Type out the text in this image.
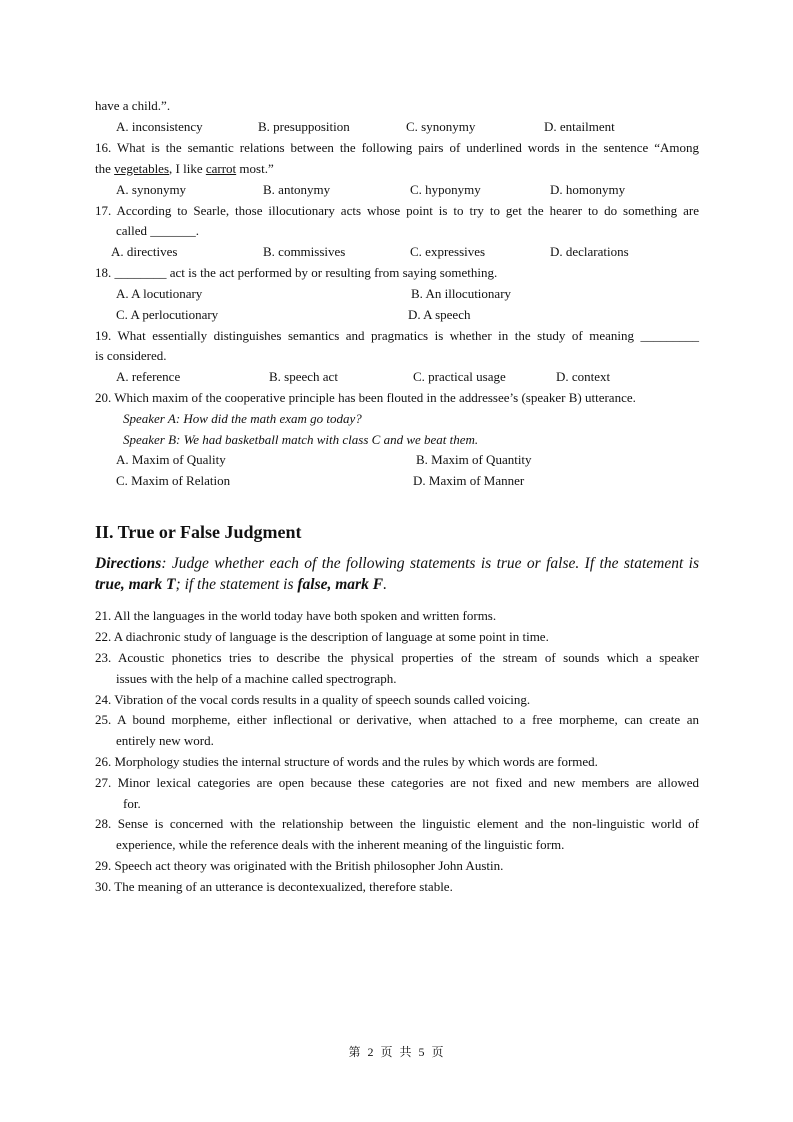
have a child.”.
A. inconsistency	B. presupposition	C. synonymy	D. entailment
16. What is the semantic relations between the following pairs of underlined words in the sentence “Among
the vegetables, I like carrot most.”
A. synonymy	B. antonymy	C. hyponymy	D. homonymy
17. According to Searle, those illocutionary acts whose point is to try to get the hearer to do something are
called _______.
A. directives	B. commissives	C. expressives	D. declarations
18. ________ act is the act performed by or resulting from saying something.
A. A locutionary	B. An illocutionary
C. A perlocutionary	D. A speech
19. What essentially distinguishes semantics and pragmatics is whether in the study of meaning _________
is considered.
A. reference	B. speech act	C. practical usage	D. context
20. Which maxim of the cooperative principle has been flouted in the addressee’s (speaker B) utterance.
Speaker A: How did the math exam go today?
Speaker B: We had basketball match with class C and we beat them.
A. Maxim of Quality	B. Maxim of Quantity
C. Maxim of Relation	D. Maxim of Manner
II. True or False Judgment
Directions: Judge whether each of the following statements is true or false. If the statement is
true, mark T; if the statement is false, mark F.
21. All the languages in the world today have both spoken and written forms.
22. A diachronic study of language is the description of language at some point in time.
23. Acoustic phonetics tries to describe the physical properties of the stream of sounds which a speaker
issues with the help of a machine called spectrograph.
24. Vibration of the vocal cords results in a quality of speech sounds called voicing.
25. A bound morpheme, either inflectional or derivative, when attached to a free morpheme, can create an
entirely new word.
26. Morphology studies the internal structure of words and the rules by which words are formed.
27. Minor lexical categories are open because these categories are not fixed and new members are allowed
for.
28. Sense is concerned with the relationship between the linguistic element and the non-linguistic world of
experience, while the reference deals with the inherent meaning of the linguistic form.
29. Speech act theory was originated with the British philosopher John Austin.
30. The meaning of an utterance is decontexualized, therefore stable.
第 2 页 共 5 页
